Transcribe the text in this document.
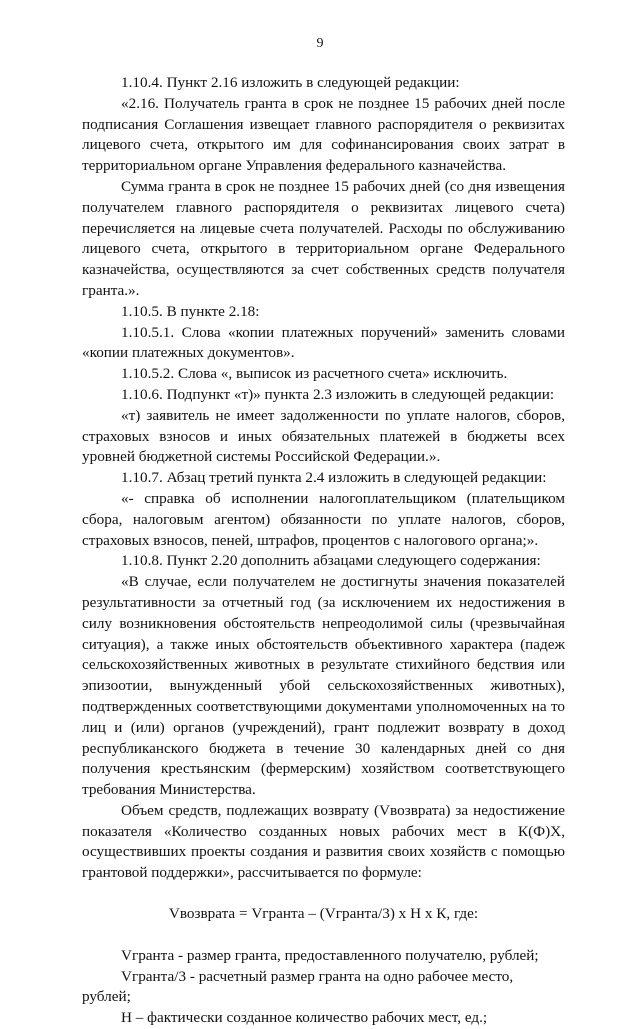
9

1.10.4. Пункт 2.16 изложить в следующей редакции:

«2.16. Получатель гранта в срок не позднее 15 рабочих дней после подписания Соглашения извещает главного распорядителя о реквизитах лицевого счета, открытого им для софинансирования своих затрат в территориальном органе Управления федерального казначейства.

Сумма гранта в срок не позднее 15 рабочих дней (со дня извещения получателем главного распорядителя о реквизитах лицевого счета) перечисляется на лицевые счета получателей. Расходы по обслуживанию лицевого счета, открытого в территориальном органе Федерального казначейства, осуществляются за счет собственных средств получателя гранта.».

1.10.5. В пункте 2.18:

1.10.5.1. Слова «копии платежных поручений» заменить словами «копии платежных документов».

1.10.5.2. Слова «, выписок из расчетного счета» исключить.

1.10.6. Подпункт «т)» пункта 2.3 изложить в следующей редакции:

«т) заявитель не имеет задолженности по уплате налогов, сборов, страховых взносов и иных обязательных платежей в бюджеты всех уровней бюджетной системы Российской Федерации.».

1.10.7. Абзац третий пункта 2.4 изложить в следующей редакции:

«- справка об исполнении налогоплательщиком (плательщиком сбора, налоговым агентом) обязанности по уплате налогов, сборов, страховых взносов, пеней, штрафов, процентов с налогового органа;».

1.10.8. Пункт 2.20 дополнить абзацами следующего содержания:

«В случае, если получателем не достигнуты значения показателей результативности за отчетный год (за исключением их недостижения в силу возникновения обстоятельств непреодолимой силы (чрезвычайная ситуация), а также иных обстоятельств объективного характера (падеж сельскохозяйственных животных в результате стихийного бедствия или эпизоотии, вынужденный убой сельскохозяйственных животных), подтвержденных соответствующими документами уполномоченных на то лиц и (или) органов (учреждений), грант подлежит возврату в доход республиканского бюджета в течение 30 календарных дней со дня получения крестьянским (фермерским) хозяйством соответствующего требования Министерства.

Объем средств, подлежащих возврату (Vвозврата) за недостижение показателя «Количество созданных новых рабочих мест в К(Ф)Х, осуществивших проекты создания и развития своих хозяйств с помощью грантовой поддержки», рассчитывается по формуле:

Vвозврата = Vгранта – (Vгранта/3) х Н х К, где:

Vгранта - размер гранта, предоставленного получателю, рублей;

Vгранта/3 - расчетный размер гранта на одно рабочее место, рублей;

Н – фактически созданное количество рабочих мест, ед.;
